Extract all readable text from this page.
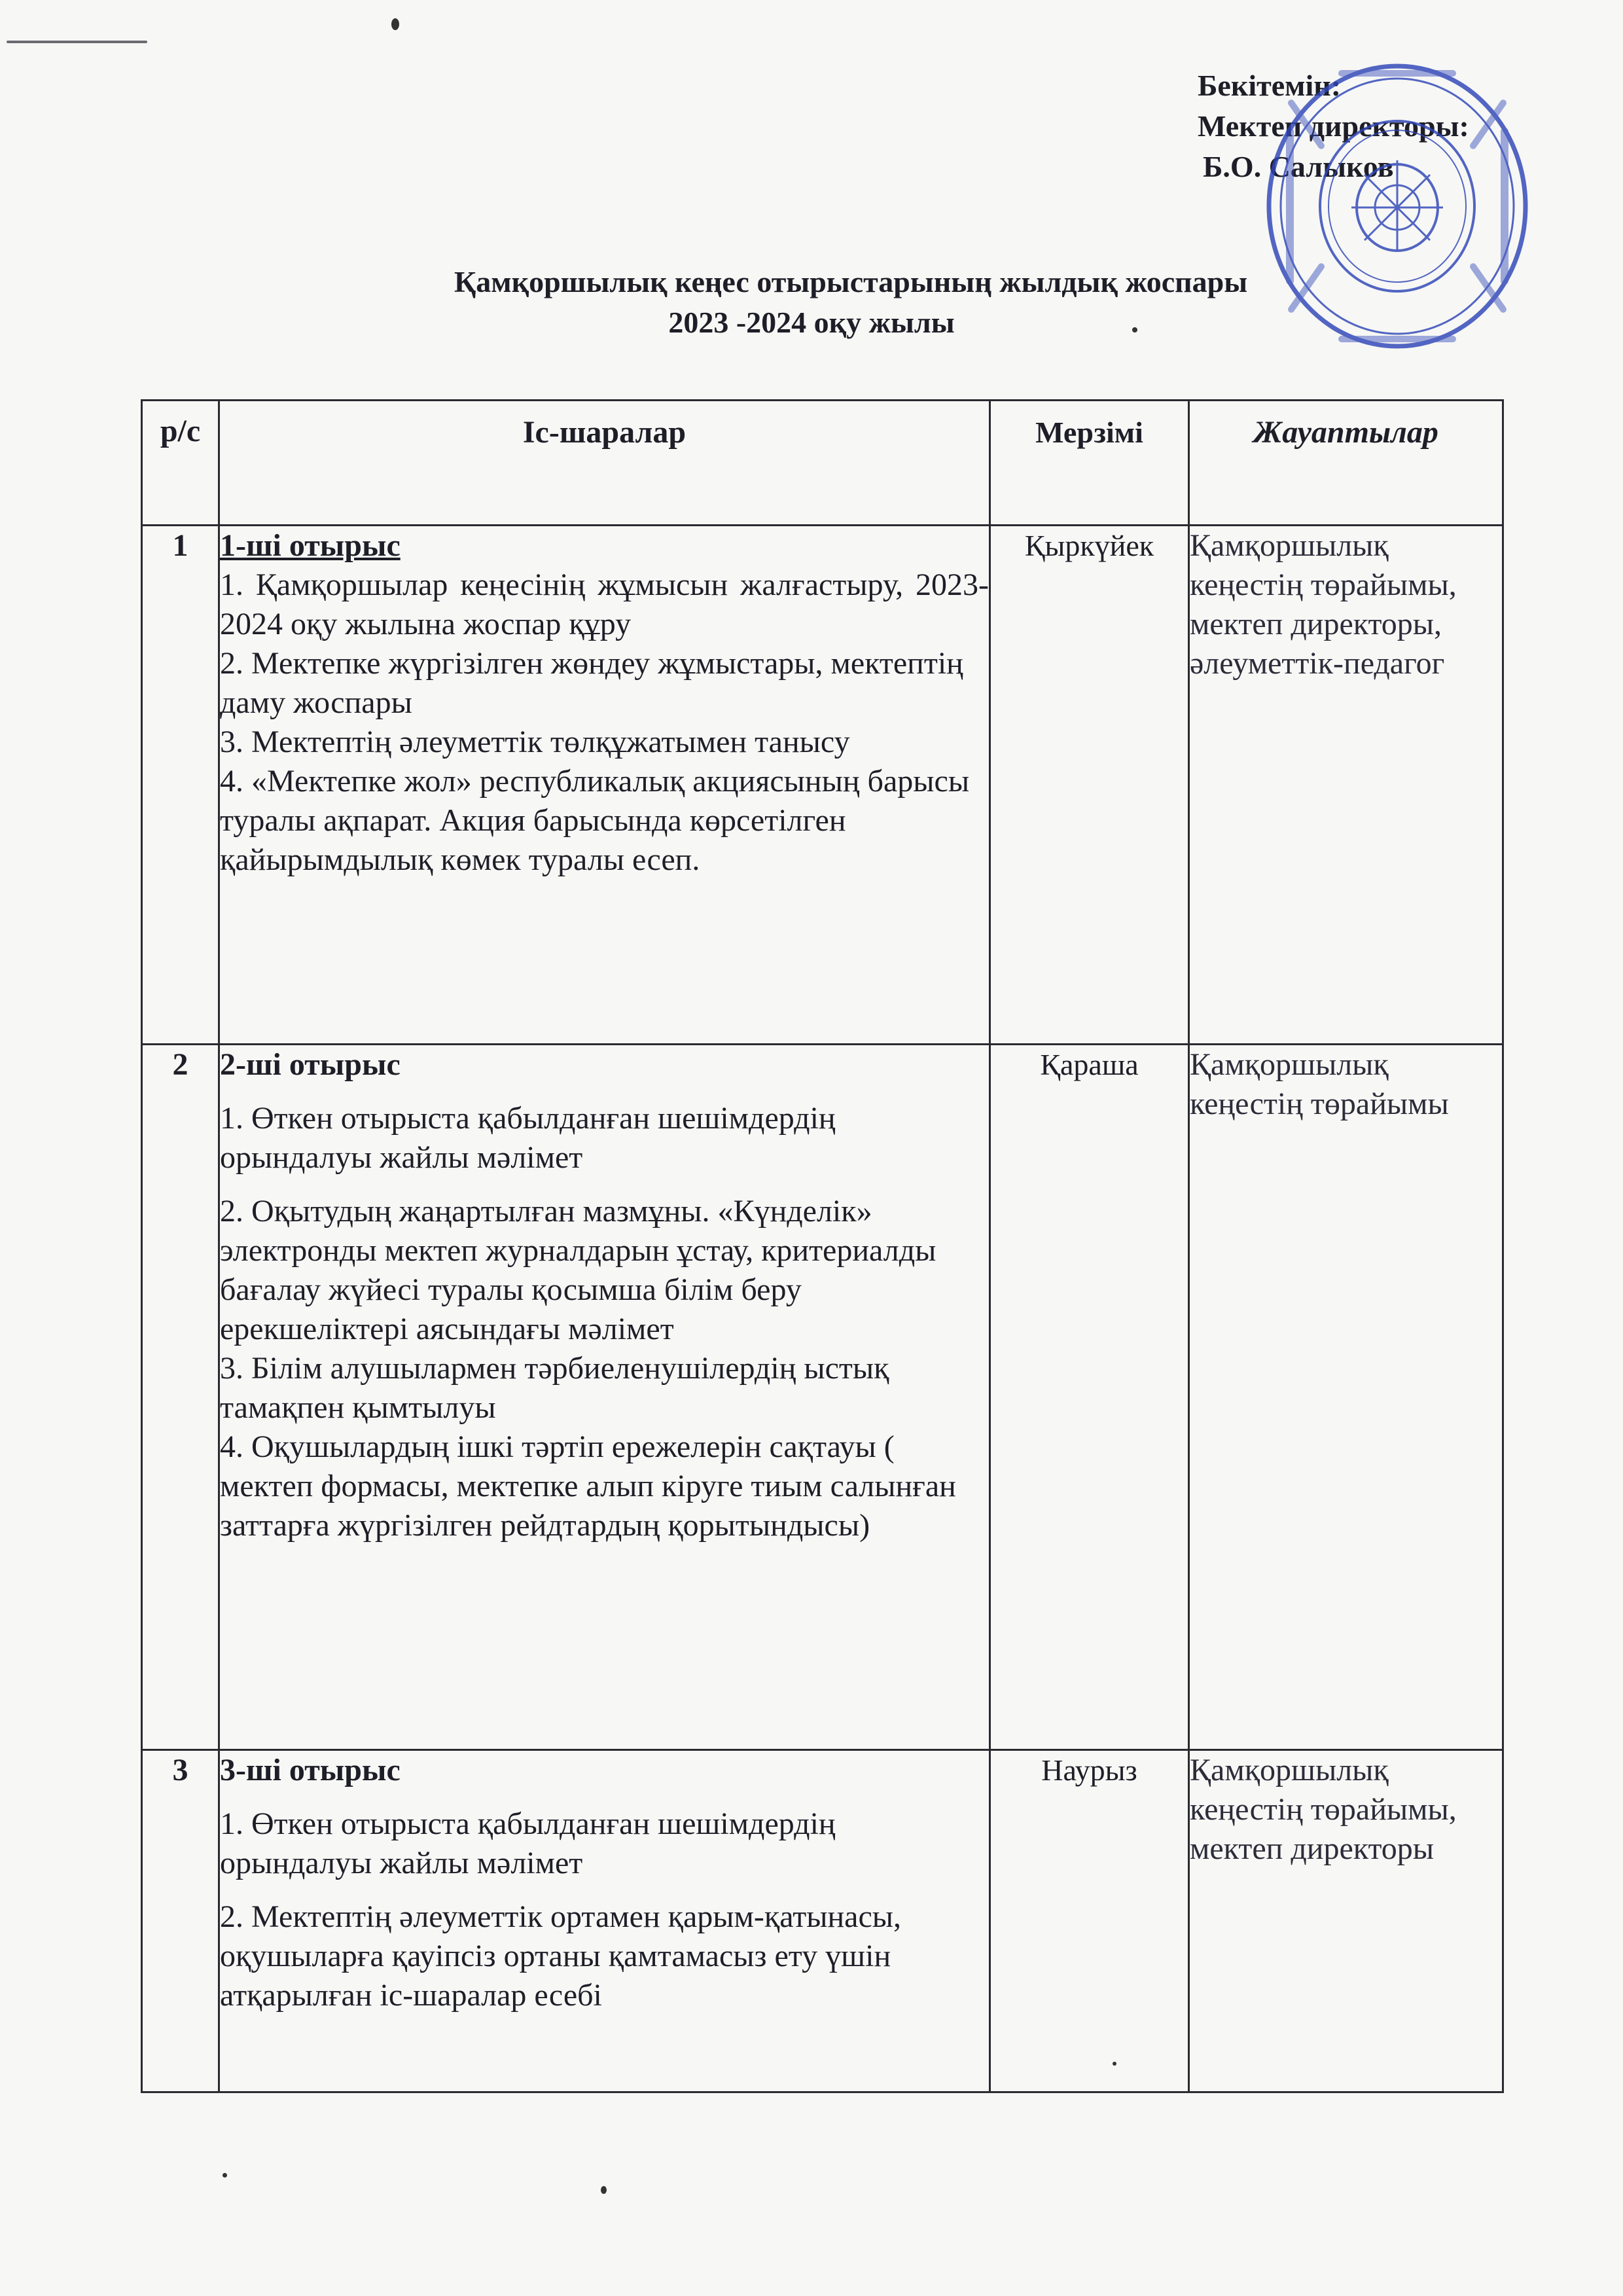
Бекітемін:
Мектеп директоры:
Б.О. Салыков
Қамқоршылық кеңес отырыстарының жылдық жоспары
2023 -2024 оқу жылы
р/с	Іс-шаралар	Мерзімі	Жауаптылар
1	1-ші отырыс
1. Қамқоршылар кеңесінің жұмысын жалғастыру, 2023-2024 оқу жылына жоспар құру
2. Мектепке жүргізілген жөндеу жұмыстары, мектептің даму жоспары
3. Мектептің әлеуметтік төлқұжатымен танысу
4. «Мектепке жол» республикалық акциясының барысы туралы ақпарат. Акция барысында көрсетілген қайырымдылық көмек туралы есеп.	Қыркүйек	Қамқоршылық кеңестің төрайымы, мектеп директоры, әлеуметтік-педагог
2	2-ші отырыс
1. Өткен отырыста қабылданған шешімдердің орындалуы жайлы мәлімет
2. Оқытудың жаңартылған мазмұны. «Күнделік» электронды мектеп журналдарын ұстау, критериалды бағалау жүйесі туралы қосымша білім беру ерекшеліктері аясындағы мәлімет
3. Білім алушылармен тәрбиеленушілердің ыстық тамақпен қымтылуы
4. Оқушылардың ішкі тәртіп ережелерін сақтауы ( мектеп формасы, мектепке алып кіруге тиым салынған заттарға жүргізілген рейдтардың қорытындысы)	Қараша	Қамқоршылық кеңестің төрайымы
3	3-ші отырыс
1. Өткен отырыста қабылданған шешімдердің орындалуы жайлы мәлімет
2. Мектептің әлеуметтік ортамен қарым-қатынасы, оқушыларға қауіпсіз ортаны қамтамасыз ету үшін атқарылған іс-шаралар есебі	Наурыз	Қамқоршылық кеңестің төрайымы, мектеп директоры
